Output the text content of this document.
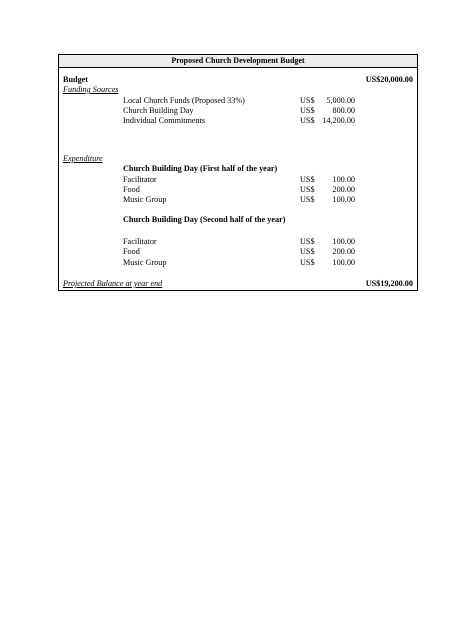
Proposed Church Development Budget
Budget	US$20,000.00
Funding Sources
Local Church Funds (Proposed 33%)	US$	5,000.00
Church Building Day	US$	800.00
Individual Commitments	US$ 14,200.00
Expenditure
Church Building Day (First half of the year)
Facilitator	US$	100.00
Food	US$	200.00
Music Group	US$	100.00
Church Building Day (Second half of the year)
Facilitator	US$	100.00
Food	US$	200.00
Music Group	US$	100.00
Projected Balance at year end	US$19,200.00
